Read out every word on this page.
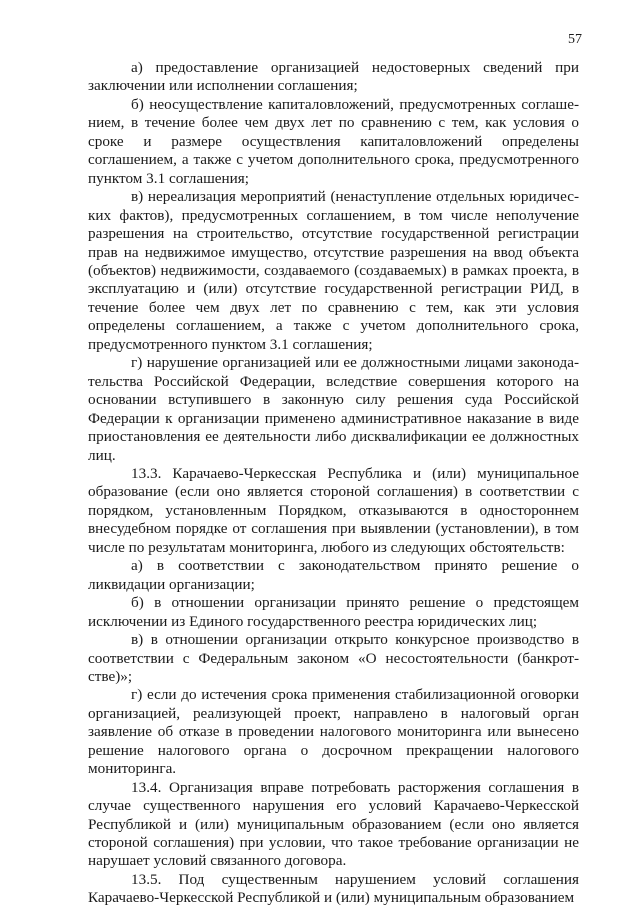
57

а) предоставление организацией недостоверных сведений при заключении или исполнении соглашения;

б) неосуществление капиталовложений, предусмотренных соглашением, в течение более чем двух лет по сравнению с тем, как условия о сроке и размере осуществления капиталовложений определены соглашением, а также с учетом дополнительного срока, предусмотренного пунктом 3.1 соглашения;

в) нереализация мероприятий (ненаступление отдельных юридических фактов), предусмотренных соглашением, в том числе неполучение разрешения на строительство, отсутствие государственной регистрации прав на недвижимое имущество, отсутствие разрешения на ввод объекта (объектов) недвижимости, создаваемого (создаваемых) в рамках проекта, в эксплуатацию и (или) отсутствие государственной регистрации РИД, в течение более чем двух лет по сравнению с тем, как эти условия определены соглашением, а также с учетом дополнительного срока, предусмотренного пунктом 3.1 соглашения;

г) нарушение организацией или ее должностными лицами законодательства Российской Федерации, вследствие совершения которого на основании вступившего в законную силу решения суда Российской Федерации к организации применено административное наказание в виде приостановления ее деятельности либо дисквалификации ее должностных лиц.

13.3. Карачаево-Черкесская Республика и (или) муниципальное образование (если оно является стороной соглашения) в соответствии с порядком, установленным Порядком, отказываются в одностороннем внесудебном порядке от соглашения при выявлении (установлении), в том числе по результатам мониторинга, любого из следующих обстоятельств:

а) в соответствии с законодательством принято решение о ликвидации организации;

б) в отношении организации принято решение о предстоящем исключении из Единого государственного реестра юридических лиц;

в) в отношении организации открыто конкурсное производство в соответствии с Федеральным законом «О несостоятельности (банкротстве)»;

г) если до истечения срока применения стабилизационной оговорки организацией, реализующей проект, направлено в налоговый орган заявление об отказе в проведении налогового мониторинга или вынесено решение налогового органа о досрочном прекращении налогового мониторинга.

13.4. Организация вправе потребовать расторжения соглашения в случае существенного нарушения его условий Карачаево-Черкесской Республикой и (или) муниципальным образованием (если оно является стороной соглашения) при условии, что такое требование организации не нарушает условий связанного договора.

13.5. Под существенным нарушением условий соглашения Карачаево-Черкесской Республикой и (или) муниципальным образованием
